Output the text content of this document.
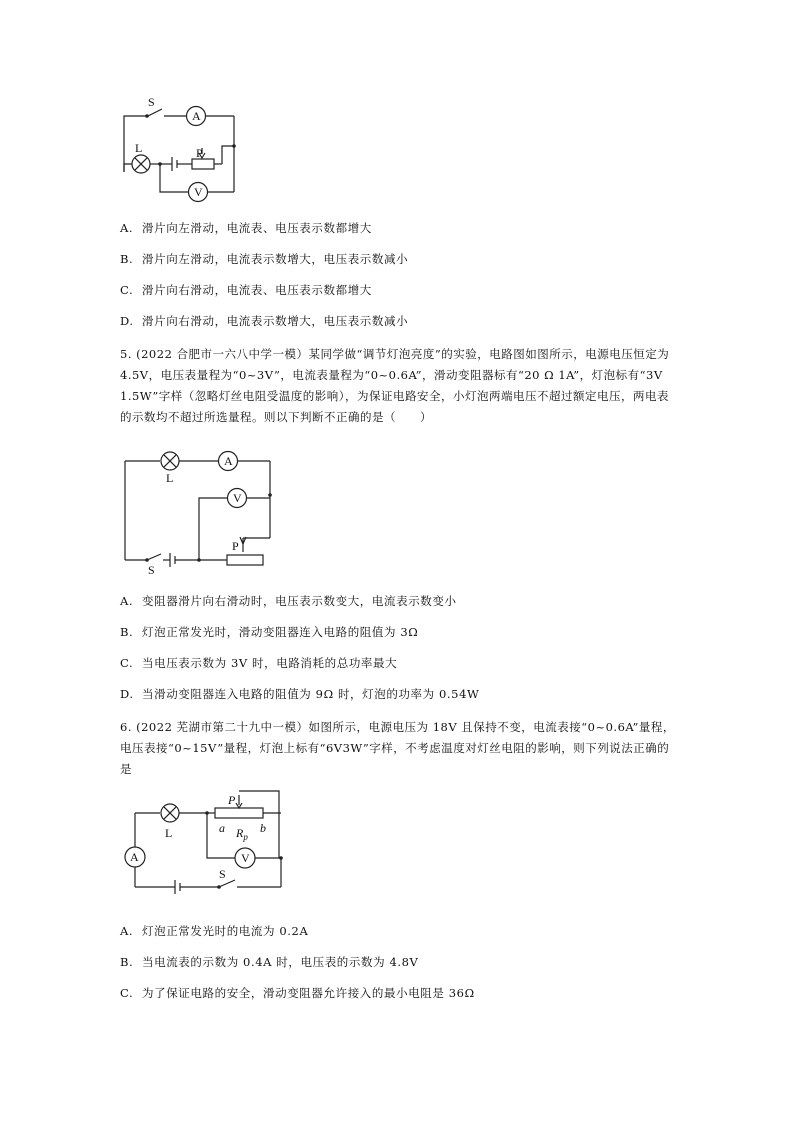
S
A
L	P
V
A. 滑片向左滑动，电流表、电压表示数都增大
B. 滑片向左滑动，电流表示数增大，电压表示数减小
C. 滑片向右滑动，电流表、电压表示数都增大
D. 滑片向右滑动，电流表示数增大，电压表示数减小
5. (2022 合肥市一六八中学一模）某同学做“调节灯泡亮度”的实验，电路图如图所示，电源电压恒定为 4.5V，电压表量程为“0~3V”，电流表量程为“0~0.6A”，滑动变阻器标有“20 Ω 1A”，灯泡标有“3V 1.5W”字样（忽略灯丝电阻受温度的影响），为保证电路安全，小灯泡两端电压不超过额定电压，两电表的示数均不超过所选量程。则以下判断不正确的是（　　）
L
A
V
P
S
A. 变阻器滑片向右滑动时，电压表示数变大，电流表示数变小
B. 灯泡正常发光时，滑动变阻器连入电路的阻值为 3Ω
C. 当电压表示数为 3V 时，电路消耗的总功率最大
D. 当滑动变阻器连入电路的阻值为 9Ω 时，灯泡的功率为 0.54W
6. (2022 芜湖市第二十九中一模）如图所示，电源电压为 18V 且保持不变，电流表接“0~0.6A”量程，电压表接“0~15V”量程，灯泡上标有“6V3W”字样，不考虑温度对灯丝电阻的影响，则下列说法正确的是
P
L	a $R_p$
b
A	V
S
A. 灯泡正常发光时的电流为 0.2A
B. 当电流表的示数为 0.4A 时，电压表的示数为 4.8V
C. 为了保证电路的安全，滑动变阻器允许接入的最小电阻是 36Ω
